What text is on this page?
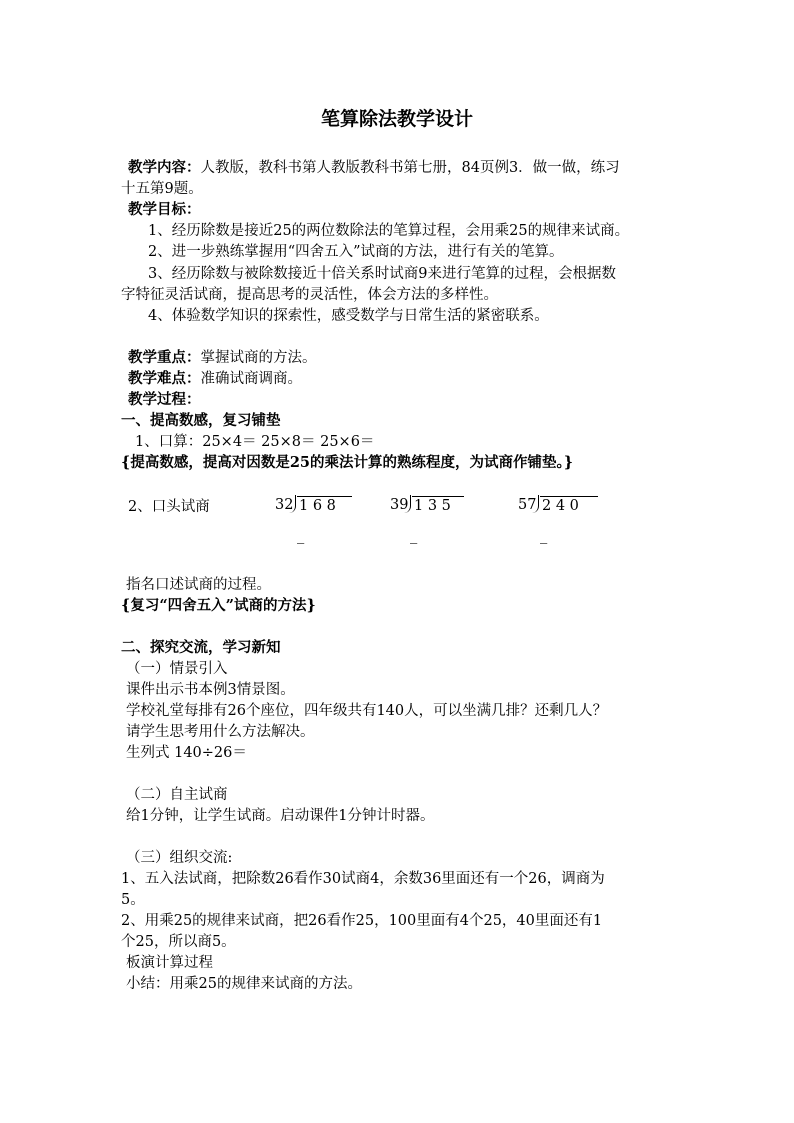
笔算除法教学设计
教学内容：人教版，教科书第人教版教科书第七册，84页例3．做一做，练习
十五第9题。
教学目标：
1、经历除数是接近25的两位数除法的笔算过程，会用乘25的规律来试商。
2、进一步熟练掌握用“四舍五入”试商的方法，进行有关的笔算。
3、经历除数与被除数接近十倍关系时试商9来进行笔算的过程，会根据数
字特征灵活试商，提高思考的灵活性，体会方法的多样性。
4、体验数学知识的探索性，感受数学与日常生活的紧密联系。
教学重点：掌握试商的方法。
教学难点：准确试商调商。
教学过程：
一、提高数感，复习铺垫
1、口算：25×4＝ 25×8＝ 25×6＝
{提高数感，提高对因数是25的乘法计算的熟练程度，为试商作铺垫。}
2、口头试商	32 1 6 8	39 1 3 5	57 2 4 0
_	_	_
指名口述试商的过程。
{复习“四舍五入”试商的方法}
二、探究交流，学习新知
（一）情景引入
课件出示书本例3情景图。
学校礼堂每排有26个座位，四年级共有140人，可以坐满几排？还剩几人？
请学生思考用什么方法解决。
生列式 140÷26＝
（二）自主试商
给1分钟，让学生试商。启动课件1分钟计时器。
（三）组织交流:
1、五入法试商，把除数26看作30试商4，余数36里面还有一个26，调商为
5。
2、用乘25的规律来试商，把26看作25，100里面有4个25，40里面还有1
个25，所以商5。
板演计算过程
小结：用乘25的规律来试商的方法。
